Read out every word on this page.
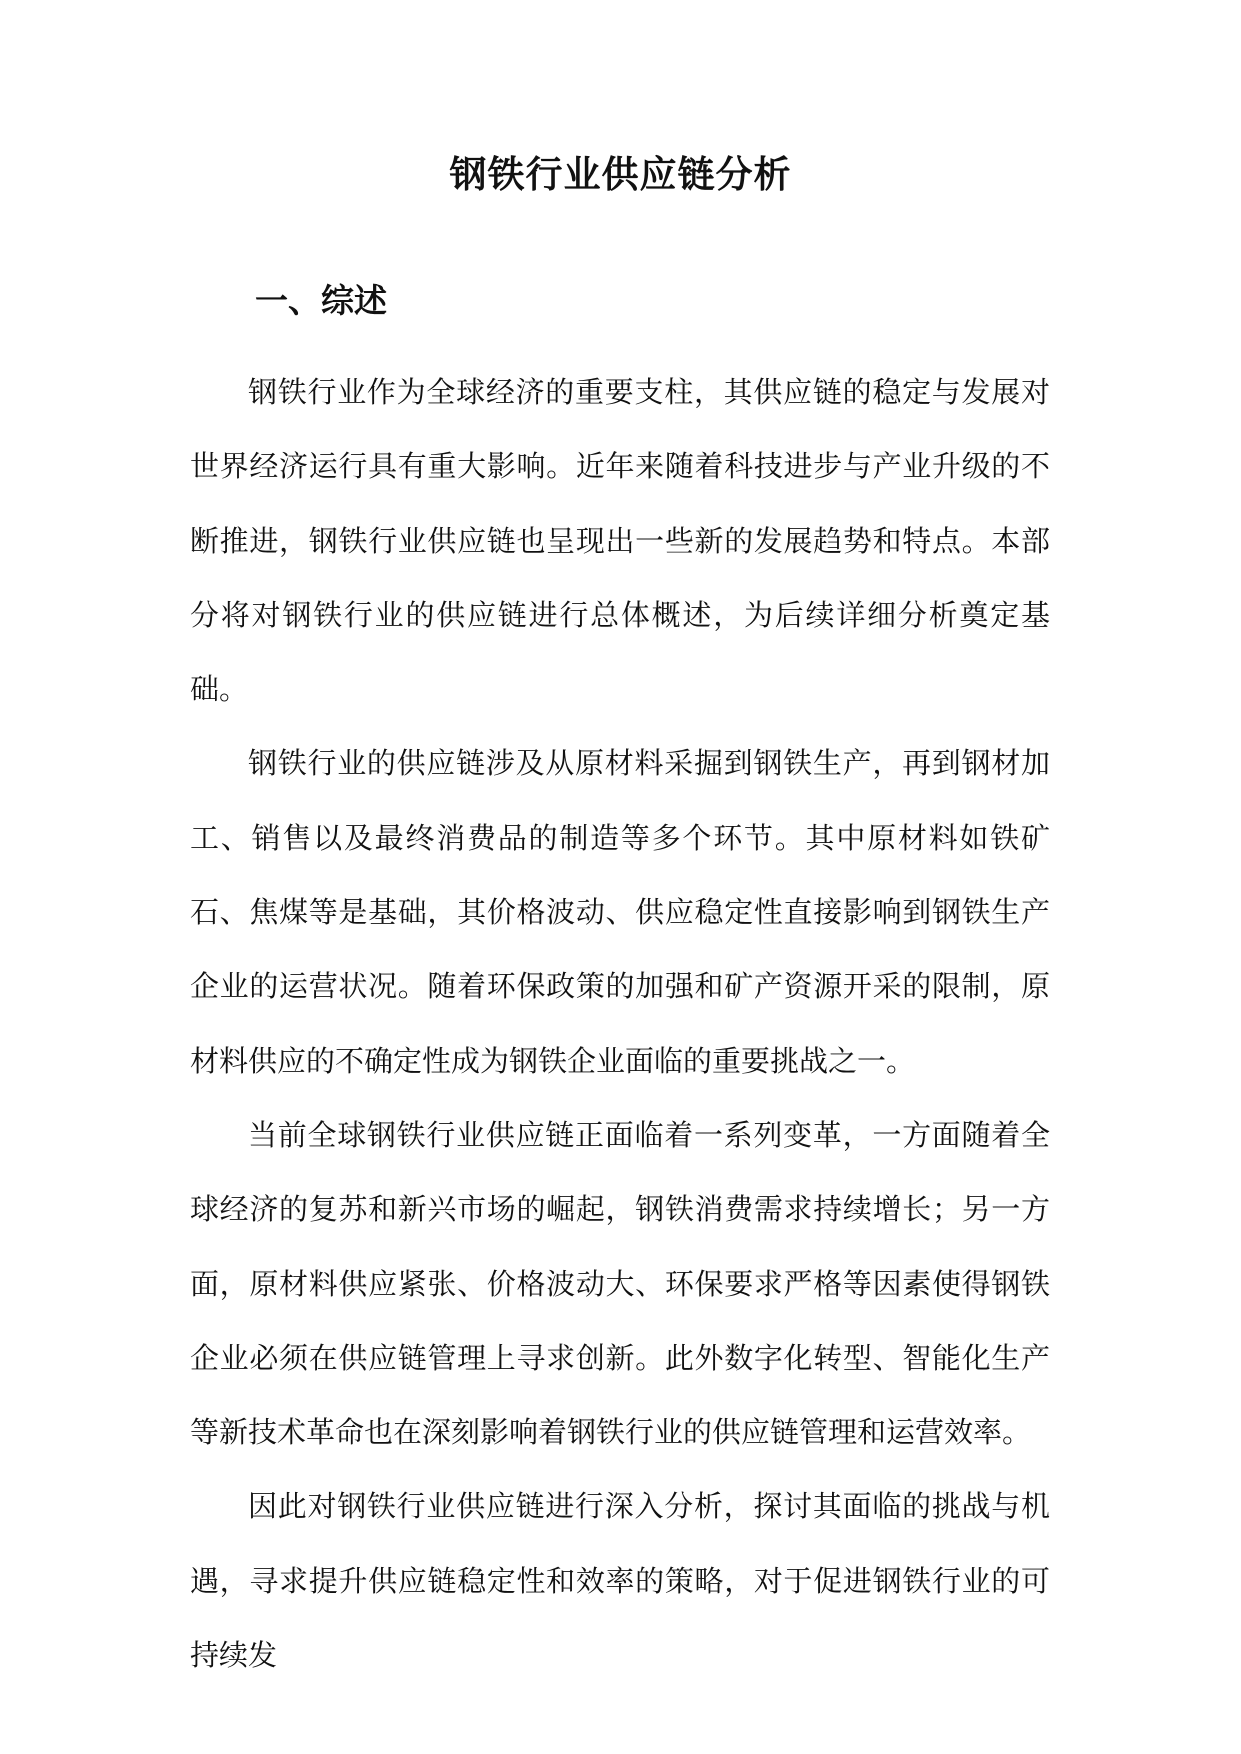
钢铁行业供应链分析
一、综述

钢铁行业作为全球经济的重要支柱，其供应链的稳定与发展对世界经济运行具有重大影响。近年来随着科技进步与产业升级的不断推进，钢铁行业供应链也呈现出一些新的发展趋势和特点。本部分将对钢铁行业的供应链进行总体概述，为后续详细分析奠定基础。

钢铁行业的供应链涉及从原材料采掘到钢铁生产，再到钢材加工、销售以及最终消费品的制造等多个环节。其中原材料如铁矿石、焦煤等是基础，其价格波动、供应稳定性直接影响到钢铁生产企业的运营状况。随着环保政策的加强和矿产资源开采的限制，原材料供应的不确定性成为钢铁企业面临的重要挑战之一。

当前全球钢铁行业供应链正面临着一系列变革，一方面随着全球经济的复苏和新兴市场的崛起，钢铁消费需求持续增长；另一方面，原材料供应紧张、价格波动大、环保要求严格等因素使得钢铁企业必须在供应链管理上寻求创新。此外数字化转型、智能化生产等新技术革命也在深刻影响着钢铁行业的供应链管理和运营效率。

因此对钢铁行业供应链进行深入分析，探讨其面临的挑战与机遇，寻求提升供应链稳定性和效率的策略，对于促进钢铁行业的可持续发
